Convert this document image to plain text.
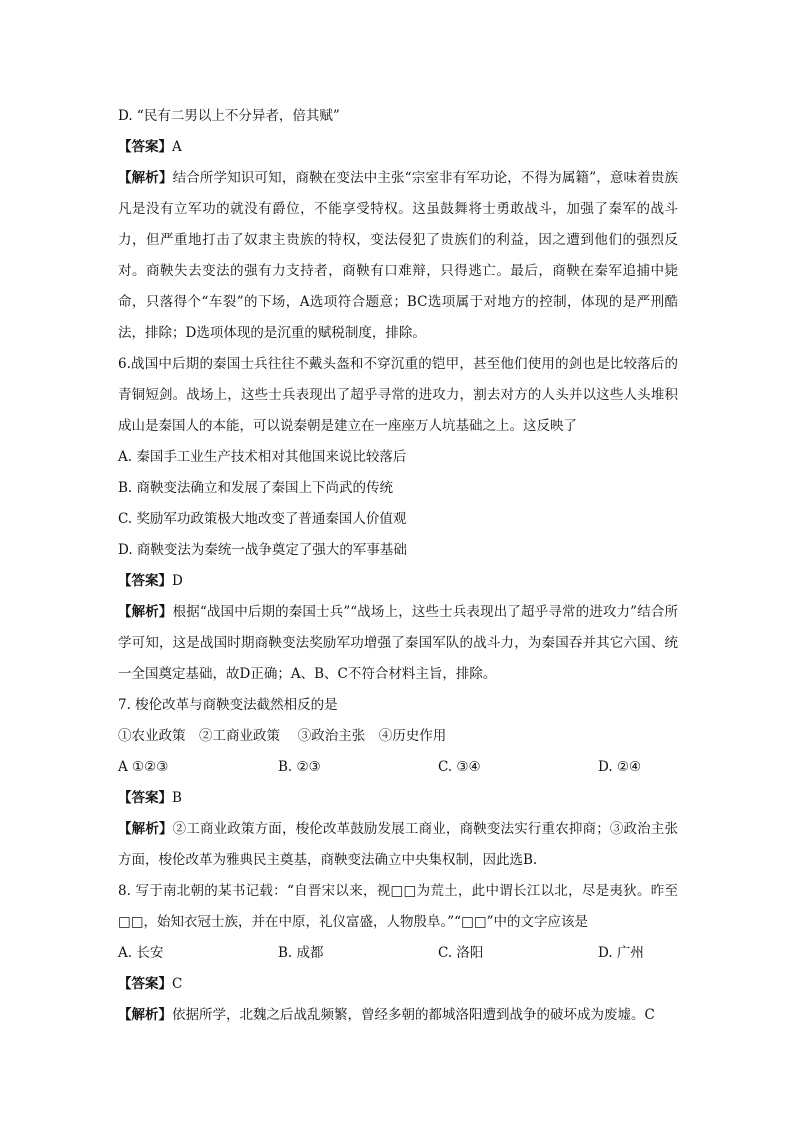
D. “民有二男以上不分异者，倍其赋”

【答案】A

【解析】结合所学知识可知，商鞅在变法中主张“宗室非有军功论，不得为属籍”，意味着贵族凡是没有立军功的就没有爵位，不能享受特权。这虽鼓舞将士勇敢战斗，加强了秦军的战斗力，但严重地打击了奴隶主贵族的特权，变法侵犯了贵族们的利益，因之遭到他们的强烈反对。商鞅失去变法的强有力支持者，商鞅有口难辩，只得逃亡。最后，商鞅在秦军追捕中毙命，只落得个“车裂”的下场，A选项符合题意；BC选项属于对地方的控制，体现的是严刑酷法，排除；D选项体现的是沉重的赋税制度，排除。

6.战国中后期的秦国士兵往往不戴头盔和不穿沉重的铠甲，甚至他们使用的剑也是比较落后的青铜短剑。战场上，这些士兵表现出了超乎寻常的进攻力，割去对方的人头并以这些人头堆积成山是秦国人的本能，可以说秦朝是建立在一座座万人坑基础之上。这反映了

A. 秦国手工业生产技术相对其他国来说比较落后

B. 商鞅变法确立和发展了秦国上下尚武的传统

C. 奖励军功政策极大地改变了普通秦国人价值观

D. 商鞅变法为秦统一战争奠定了强大的军事基础

【答案】D

【解析】根据“战国中后期的秦国士兵”“战场上，这些士兵表现出了超乎寻常的进攻力”结合所学可知，这是战国时期商鞅变法奖励军功增强了秦国军队的战斗力，为秦国吞并其它六国、统一全国奠定基础，故D正确；A、B、C不符合材料主旨，排除。

7. 梭伦改革与商鞅变法截然相反的是

①农业政策　②工商业政策　 ③政治主张　④历史作用

A ①②③	B. ②③	C. ③④	D. ②④

【答案】B

【解析】②工商业政策方面，梭伦改革鼓励发展工商业，商鞅变法实行重农抑商；③政治主张方面，梭伦改革为雅典民主奠基，商鞅变法确立中央集权制，因此选B.

8. 写于南北朝的某书记载：“自晋宋以来，视□□为荒土，此中谓长江以北，尽是夷狄。昨至□□，始知衣冠士族，并在中原，礼仪富盛，人物殷阜。”“□□”中的文字应该是

A. 长安	B. 成都	C. 洛阳	D. 广州

【答案】C

【解析】依据所学，北魏之后战乱频繁，曾经多朝的都城洛阳遭到战争的破坏成为废墟。C
